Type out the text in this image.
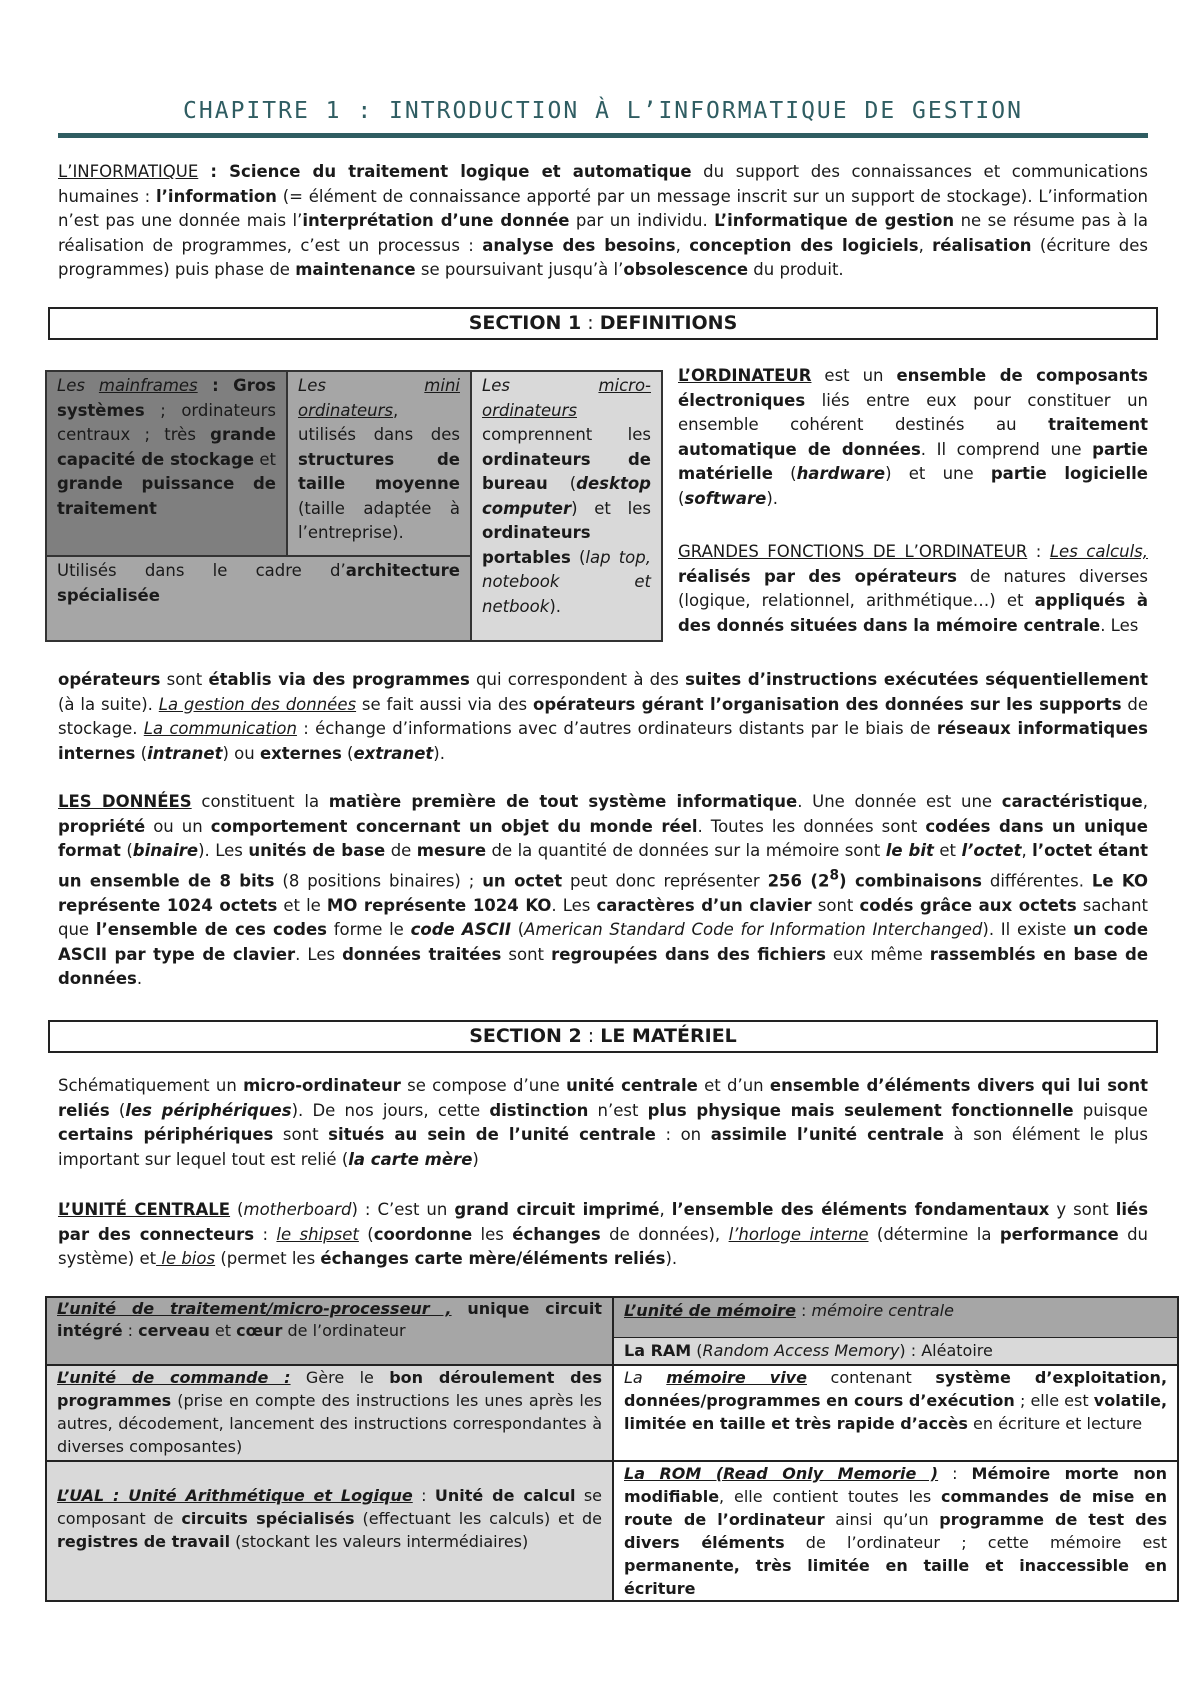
CHAPITRE 1 : INTRODUCTION À L’INFORMATIQUE DE GESTION
L’INFORMATIQUE : Science du traitement logique et automatique du support des connaissances et communications humaines : l’information (= élément de connaissance apporté par un message inscrit sur un support de stockage). L’information n’est pas une donnée mais l’interprétation d’une donnée par un individu. L’informatique de gestion ne se résume pas à la réalisation de programmes, c’est un processus : analyse des besoins, conception des logiciels, réalisation (écriture des programmes) puis phase de maintenance se poursuivant jusqu’à l’obsolescence du produit.
SECTION 1 : DEFINITIONS
Les mainframes : Gros systèmes ; ordinateurs centraux ; très grande capacité de stockage et grande puissance de traitement
Les mini ordinateurs, utilisés dans des structures de taille moyenne (taille adaptée à l’entreprise).
Les micro-ordinateurs comprennent les ordinateurs de bureau (desktop computer) et les ordinateurs portables (lap top, notebook et netbook).
Utilisés dans le cadre d’architecture spécialisée
L’ORDINATEUR est un ensemble de composants électroniques liés entre eux pour constituer un ensemble cohérent destinés au traitement automatique de données. Il comprend une partie matérielle (hardware) et une partie logicielle (software).
GRANDES FONCTIONS DE L’ORDINATEUR : Les calculs, réalisés par des opérateurs de natures diverses (logique, relationnel, arithmétique…) et appliqués à des donnés situées dans la mémoire centrale. Les
opérateurs sont établis via des programmes qui correspondent à des suites d’instructions exécutées séquentiellement (à la suite). La gestion des données se fait aussi via des opérateurs gérant l’organisation des données sur les supports de stockage. La communication : échange d’informations avec d’autres ordinateurs distants par le biais de réseaux informatiques internes (intranet) ou externes (extranet).
LES DONNÉES constituent la matière première de tout système informatique. Une donnée est une caractéristique, propriété ou un comportement concernant un objet du monde réel. Toutes les données sont codées dans un unique format (binaire). Les unités de base de mesure de la quantité de données sur la mémoire sont le bit et l’octet, l’octet étant un ensemble de 8 bits (8 positions binaires) ; un octet peut donc représenter 256 $(2^8)$ combinaisons différentes. Le KO représente 1024 octets et le MO représente 1024 KO. Les caractères d’un clavier sont codés grâce aux octets sachant que l’ensemble de ces codes forme le code ASCII (American Standard Code for Information Interchanged). Il existe un code ASCII par type de clavier. Les données traitées sont regroupées dans des fichiers eux même rassemblés en base de données.
SECTION 2 : LE MATÉRIEL
Schématiquement un micro-ordinateur se compose d’une unité centrale et d’un ensemble d’éléments divers qui lui sont reliés (les périphériques). De nos jours, cette distinction n’est plus physique mais seulement fonctionnelle puisque certains périphériques sont situés au sein de l’unité centrale : on assimile l’unité centrale à son élément le plus important sur lequel tout est relié (la carte mère)
L’UNITÉ CENTRALE (motherboard) : C’est un grand circuit imprimé, l’ensemble des éléments fondamentaux y sont liés par des connecteurs : le shipset (coordonne les échanges de données), l’horloge interne (détermine la performance du système) et le bios (permet les échanges carte mère/éléments reliés).
L’unité de traitement/micro-processeur , unique circuit intégré : cerveau et cœur de l’ordinateur
L’unité de mémoire : mémoire centrale
La RAM (Random Access Memory) : Aléatoire
L’unité de commande : Gère le bon déroulement des programmes (prise en compte des instructions les unes après les autres, décodement, lancement des instructions correspondantes à diverses composantes)
La mémoire vive contenant système d’exploitation, données/programmes en cours d’exécution ; elle est volatile, limitée en taille et très rapide d’accès en écriture et lecture
L’UAL : Unité Arithmétique et Logique : Unité de calcul se composant de circuits spécialisés (effectuant les calculs) et de registres de travail (stockant les valeurs intermédiaires)
La ROM (Read Only Memorie ) : Mémoire morte non modifiable, elle contient toutes les commandes de mise en route de l’ordinateur ainsi qu’un programme de test des divers éléments de l’ordinateur ; cette mémoire est permanente, très limitée en taille et inaccessible en écriture
